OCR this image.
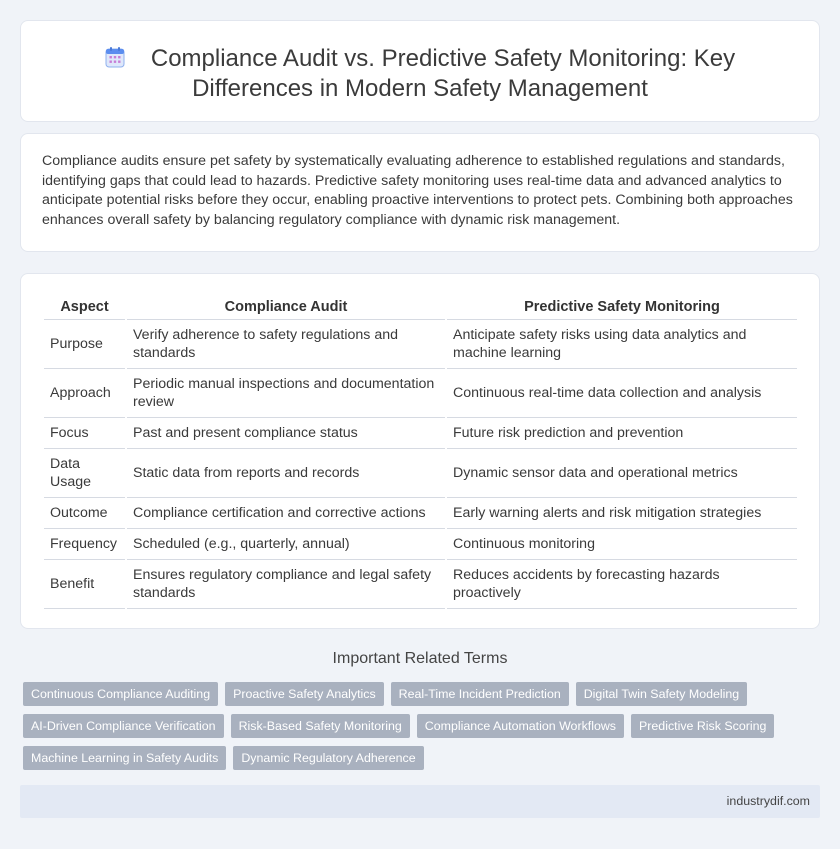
Compliance Audit vs. Predictive Safety Monitoring: Key Differences in Modern Safety Management

Compliance audits ensure pet safety by systematically evaluating adherence to established regulations and standards, identifying gaps that could lead to hazards. Predictive safety monitoring uses real-time data and advanced analytics to anticipate potential risks before they occur, enabling proactive interventions to protect pets. Combining both approaches enhances overall safety by balancing regulatory compliance with dynamic risk management.

Aspect	Compliance Audit	Predictive Safety Monitoring
Purpose	Verify adherence to safety regulations and standards	Anticipate safety risks using data analytics and machine learning
Approach	Periodic manual inspections and documentation review	Continuous real-time data collection and analysis
Focus	Past and present compliance status	Future risk prediction and prevention
Data Usage	Static data from reports and records	Dynamic sensor data and operational metrics
Outcome	Compliance certification and corrective actions	Early warning alerts and risk mitigation strategies
Frequency	Scheduled (e.g., quarterly, annual)	Continuous monitoring
Benefit	Ensures regulatory compliance and legal safety standards	Reduces accidents by forecasting hazards proactively
Important Related Terms
Continuous Compliance Auditing	Proactive Safety Analytics	Real-Time Incident Prediction	Digital Twin Safety Modeling
AI-Driven Compliance Verification	Risk-Based Safety Monitoring	Compliance Automation Workflows	Predictive Risk Scoring
Machine Learning in Safety Audits	Dynamic Regulatory Adherence
industrydif.com
